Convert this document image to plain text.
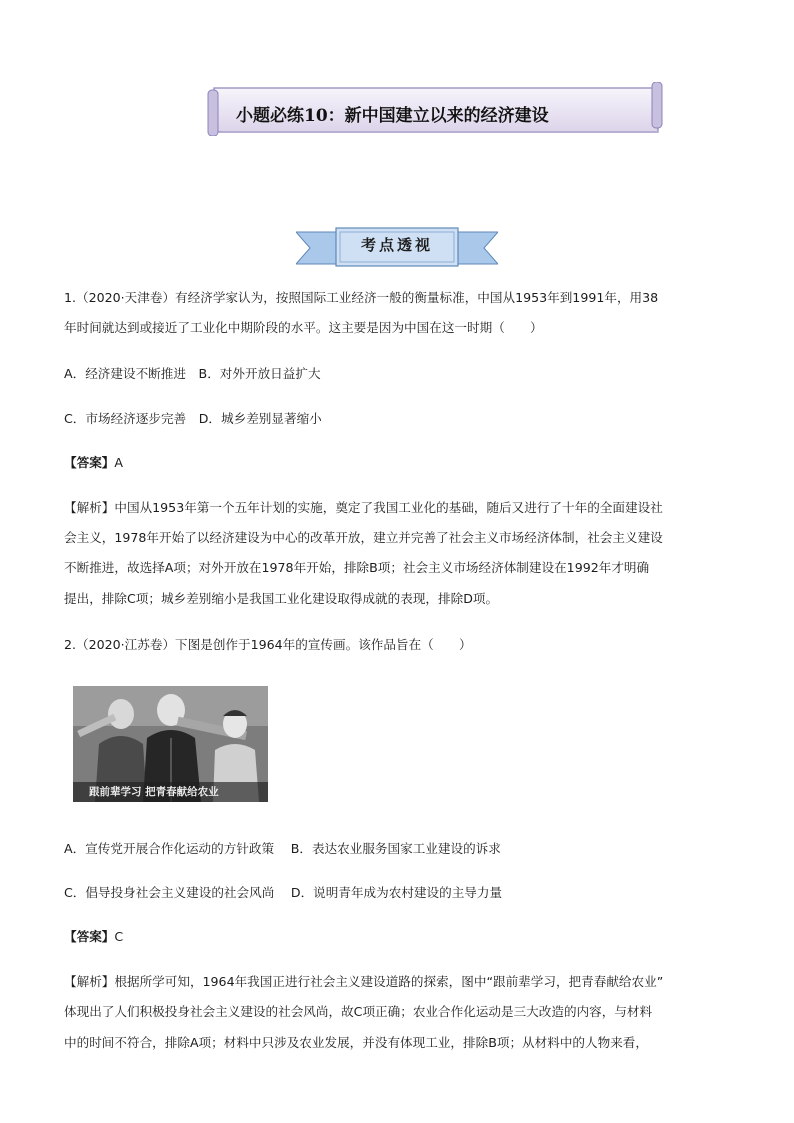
小题必练10：新中国建立以来的经济建设
考点透视
1.（2020·天津卷）有经济学家认为，按照国际工业经济一般的衡量标准，中国从1953年到1991年，用38
年时间就达到或接近了工业化中期阶段的水平。这主要是因为中国在这一时期（　　）
A．经济建设不断推进　B．对外开放日益扩大
C．市场经济逐步完善　D．城乡差别显著缩小
【答案】A
【解析】中国从1953年第一个五年计划的实施，奠定了我国工业化的基础，随后又进行了十年的全面建设社
会主义，1978年开始了以经济建设为中心的改革开放，建立并完善了社会主义市场经济体制，社会主义建设
不断推进，故选择A项；对外开放在1978年开始，排除B项；社会主义市场经济体制建设在1992年才明确
提出，排除C项；城乡差别缩小是我国工业化建设取得成就的表现，排除D项。
2.（2020·江苏卷）下图是创作于1964年的宣传画。该作品旨在（　　）
跟前辈学习 把青春献给农业
A．宣传党开展合作化运动的方针政策　 B．表达农业服务国家工业建设的诉求
C．倡导投身社会主义建设的社会风尚　 D．说明青年成为农村建设的主导力量
【答案】C
【解析】根据所学可知，1964年我国正进行社会主义建设道路的探索，图中“跟前辈学习，把青春献给农业”
体现出了人们积极投身社会主义建设的社会风尚，故C项正确；农业合作化运动是三大改造的内容，与材料
中的时间不符合，排除A项；材料中只涉及农业发展，并没有体现工业，排除B项；从材料中的人物来看，
